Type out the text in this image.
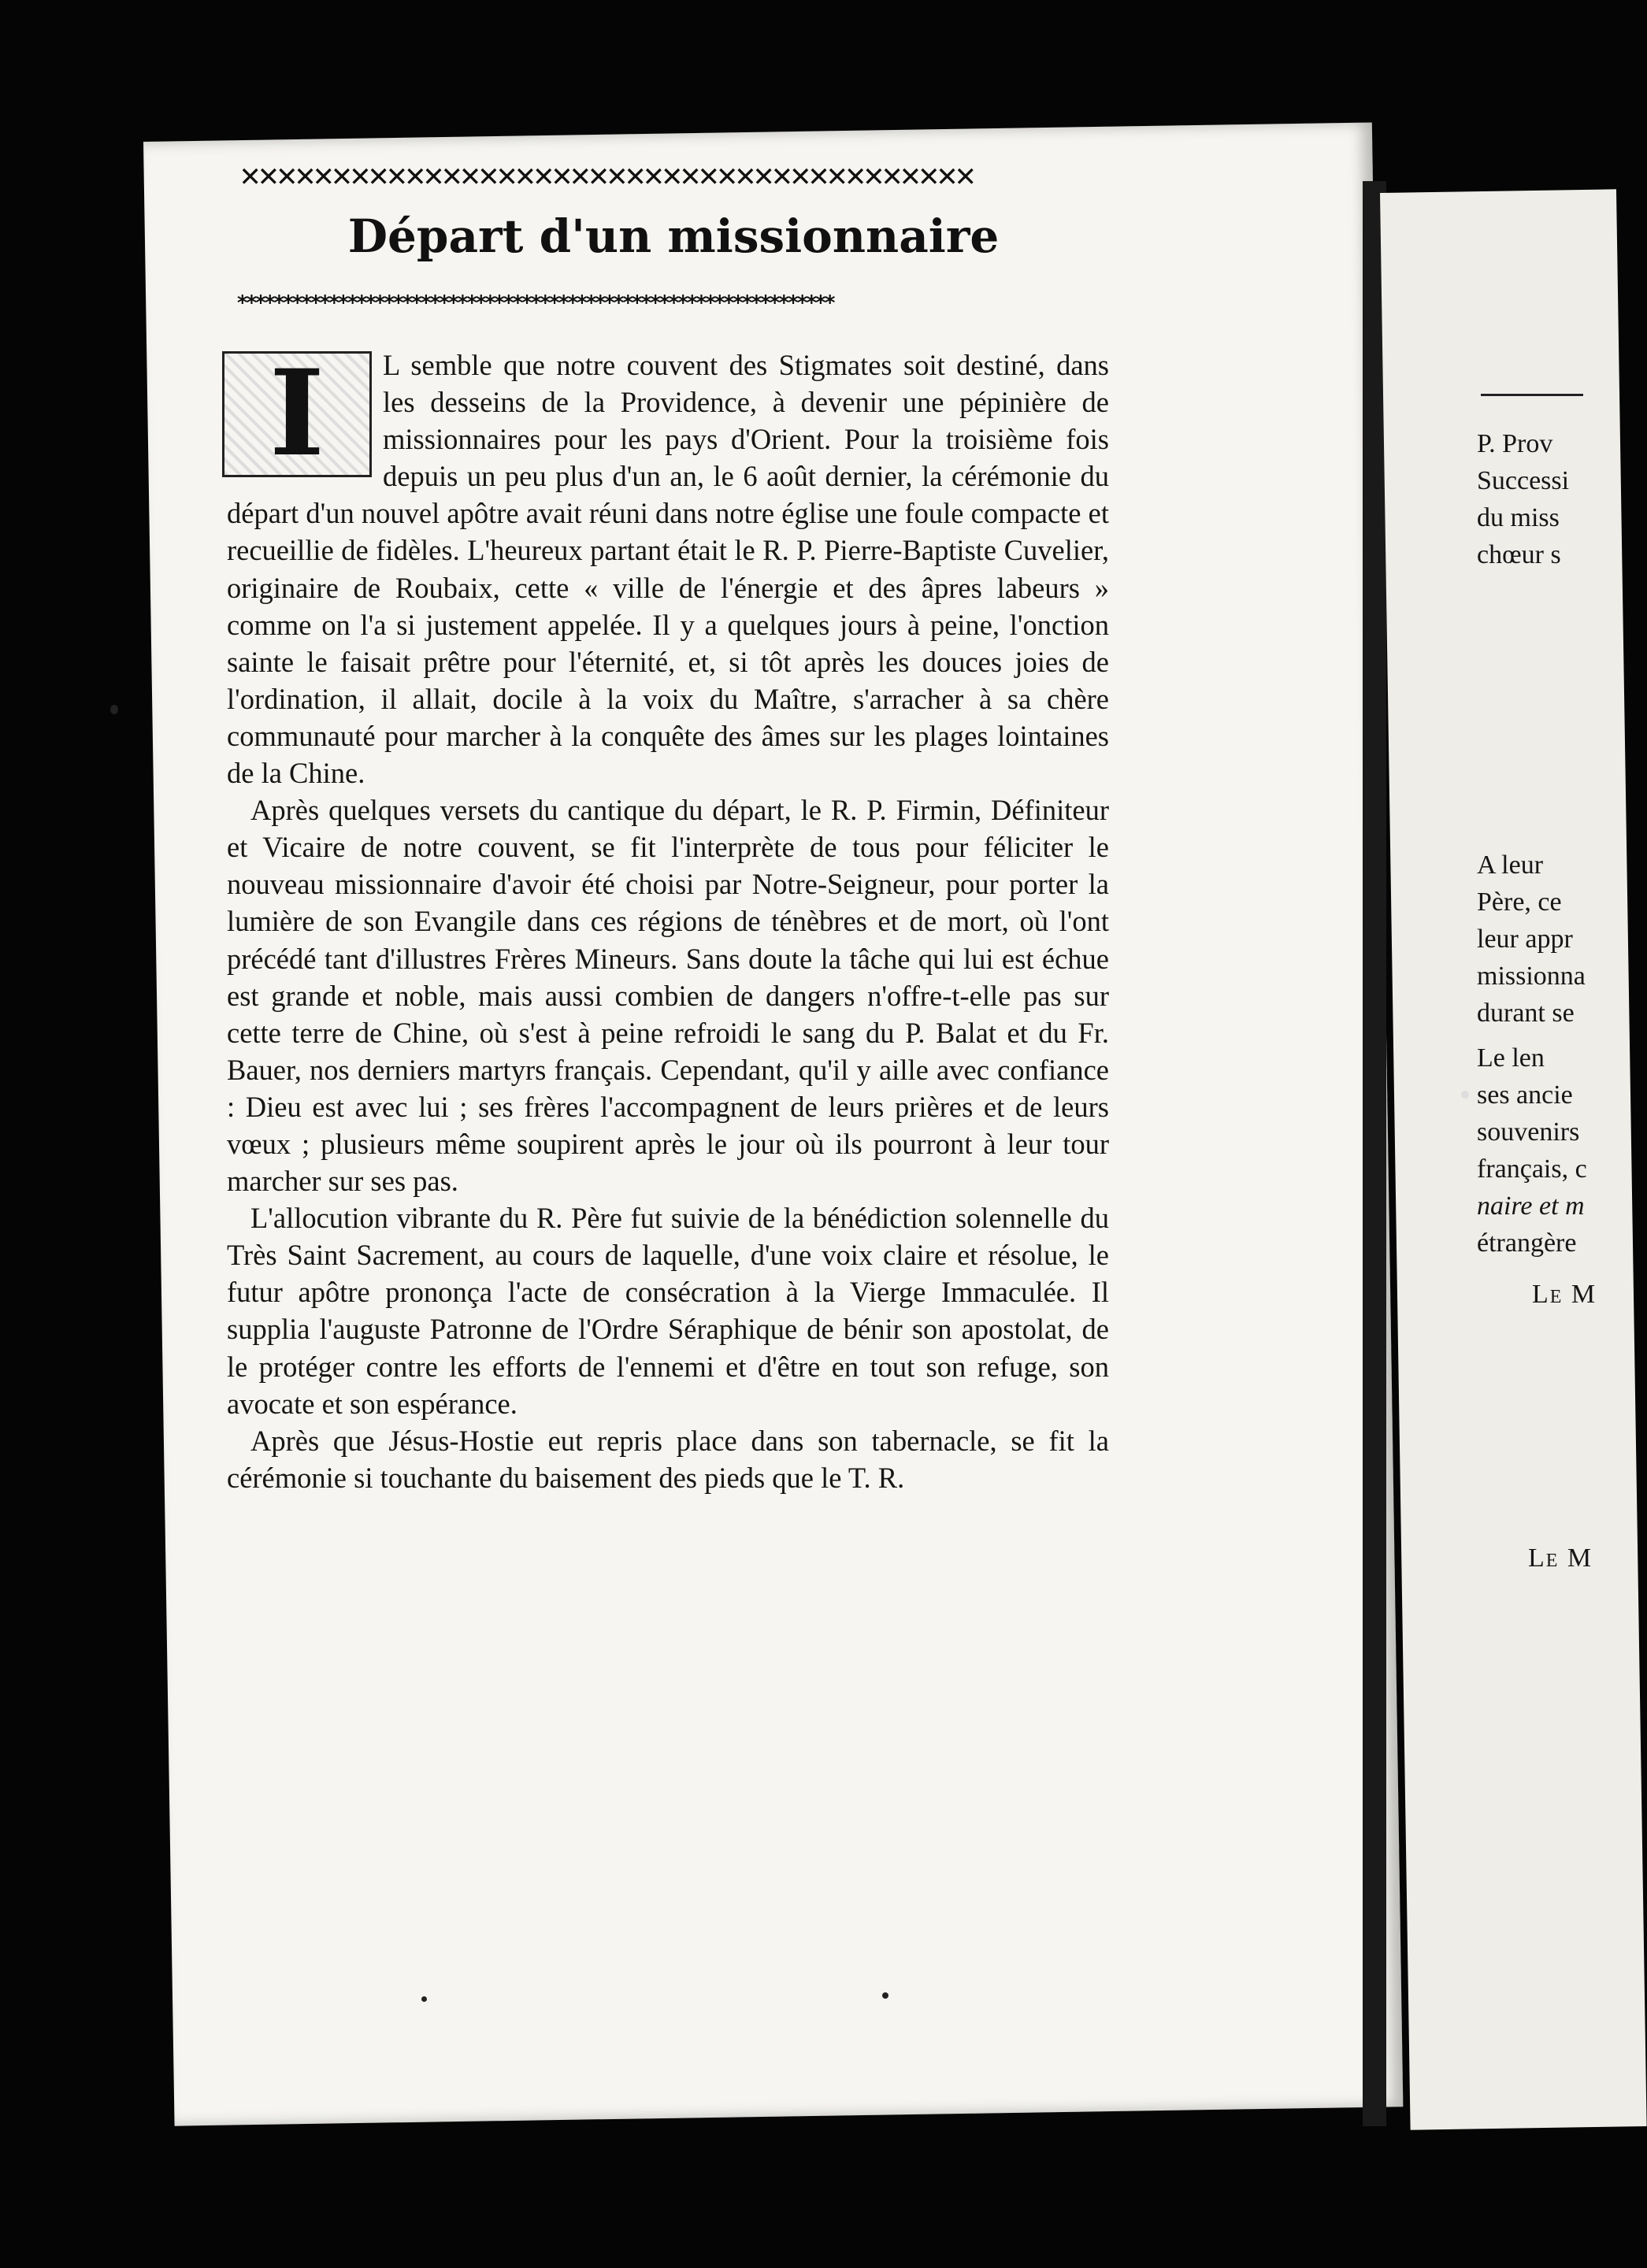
✕✕✕✕✕✕✕✕✕✕✕✕✕✕✕✕✕✕✕✕✕✕✕✕✕✕✕✕✕✕✕✕✕✕✕✕✕✕✕✕
Départ d'un missionnaire
*****************************************************************

I	L semble que notre couvent des Stigmates soit destiné, dans les desseins de la Providence, à devenir une pépinière de missionnaires pour les pays d'Orient. Pour la troisième fois depuis un peu plus d'un an, le 6 août dernier, la cérémonie du départ d'un nouvel apôtre avait réuni dans notre église une foule compacte et recueillie de fidèles. L'heureux partant était le R. P. Pierre-Baptiste Cuvelier, originaire de Roubaix, cette « ville de l'énergie et des âpres labeurs » comme on l'a si justement appelée. Il y a quelques jours à peine, l'onction sainte le faisait prêtre pour l'éternité, et, si tôt après les douces joies de l'ordination, il allait, docile à la voix du Maître, s'arracher à sa chère communauté pour marcher à la conquête des âmes sur les plages lointaines de la Chine.

Après quelques versets du cantique du départ, le R. P. Firmin, Définiteur et Vicaire de notre couvent, se fit l'interprète de tous pour féliciter le nouveau missionnaire d'avoir été choisi par Notre-Seigneur, pour porter la lumière de son Evangile dans ces régions de ténèbres et de mort, où l'ont précédé tant d'illustres Frères Mineurs. Sans doute la tâche qui lui est échue est grande et noble, mais aussi combien de dangers n'offre-t-elle pas sur cette terre de Chine, où s'est à peine refroidi le sang du P. Balat et du Fr. Bauer, nos derniers martyrs français. Cependant, qu'il y aille avec confiance : Dieu est avec lui ; ses frères l'accompagnent de leurs prières et de leurs vœux ; plusieurs même soupirent après le jour où ils pourront à leur tour marcher sur ses pas.

L'allocution vibrante du R. Père fut suivie de la bénédiction solennelle du Très Saint Sacrement, au cours de laquelle, d'une voix claire et résolue, le futur apôtre prononça l'acte de consécration à la Vierge Immaculée. Il supplia l'auguste Patronne de l'Ordre Séraphique de bénir son apostolat, de le protéger contre les efforts de l'ennemi et d'être en tout son refuge, son avocate et son espérance.

Après que Jésus-Hostie eut repris place dans son tabernacle, se fit la cérémonie si touchante du baisement des pieds que le T. R.

P. Prov
Successi
du miss
chœur s
A leur
Père, ce
leur appr
missionna
durant se
Le len
ses ancie
souvenirs
français, c
naire et m
étrangère
Le M
Le M
